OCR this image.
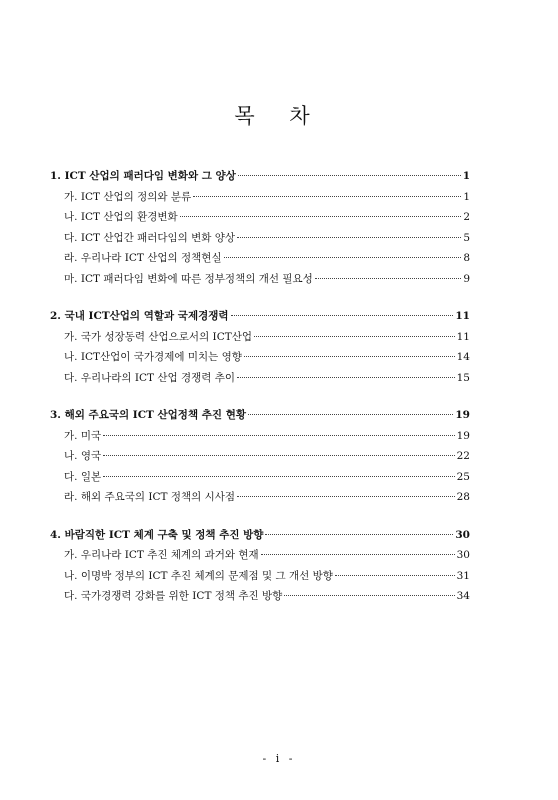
목 차
1. ICT 산업의 패러다임 변화와 그 양상	1
가. ICT 산업의 정의와 분류	1
나. ICT 산업의 환경변화	2
다. ICT 산업간 패러다임의 변화 양상	5
라. 우리나라 ICT 산업의 정책현실	8
마. ICT 패러다임 변화에 따른 정부정책의 개선 필요성	9
2. 국내 ICT산업의 역할과 국제경쟁력	11
가. 국가 성장동력 산업으로서의 ICT산업	11
나. ICT산업이 국가경제에 미치는 영향	14
다. 우리나라의 ICT 산업 경쟁력 추이	15
3. 해외 주요국의 ICT 산업정책 추진 현황	19
가. 미국	19
나. 영국	22
다. 일본	25
라. 해외 주요국의 ICT 정책의 시사점	28
4. 바람직한 ICT 체계 구축 및 정책 추진 방향	30
가. 우리나라 ICT 추진 체계의 과거와 현재	30
나. 이명박 정부의 ICT 추진 체계의 문제점 및 그 개선 방향	31
다. 국가경쟁력 강화를 위한 ICT 정책 추진 방향	34
- i -
